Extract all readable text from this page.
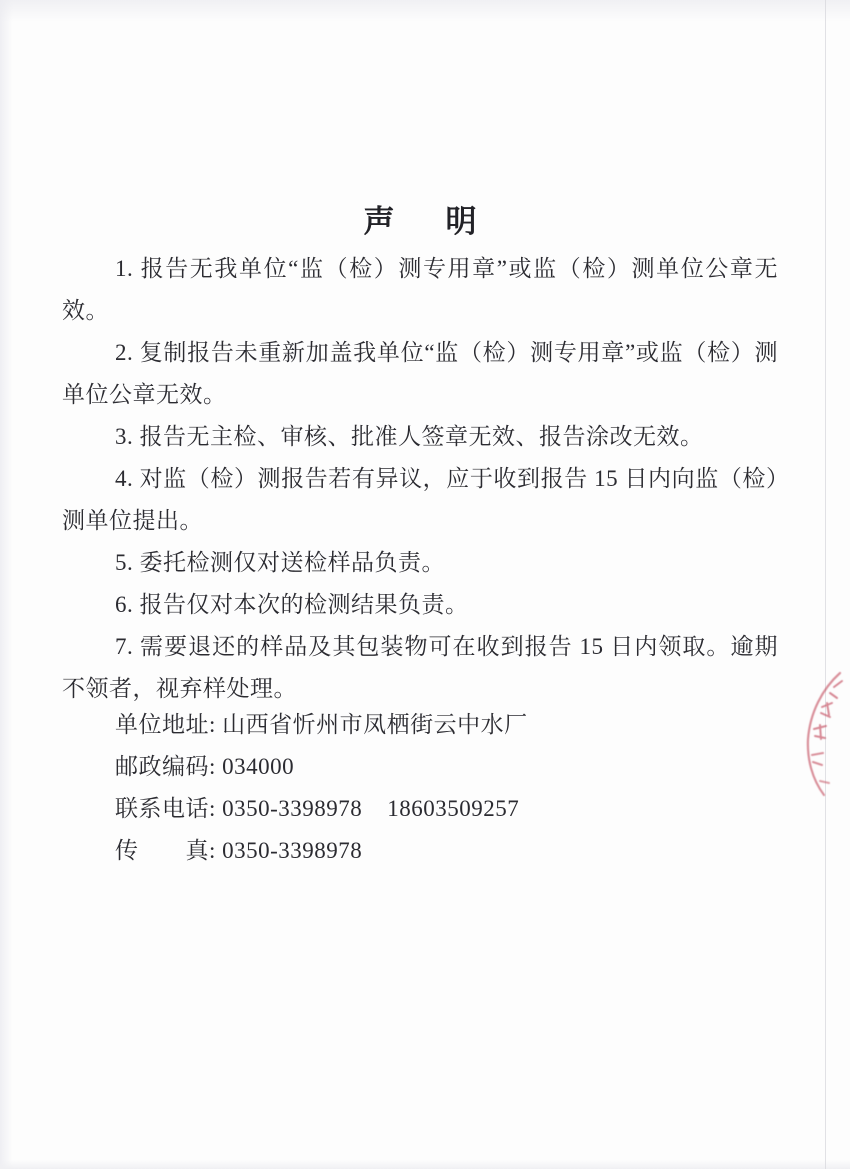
声　明

1. 报告无我单位“监（检）测专用章”或监（检）测单位公章无效。

2. 复制报告未重新加盖我单位“监（检）测专用章”或监（检）测单位公章无效。

3. 报告无主检、审核、批准人签章无效、报告涂改无效。

4. 对监（检）测报告若有异议，应于收到报告 15 日内向监（检）测单位提出。

5. 委托检测仅对送检样品负责。

6. 报告仅对本次的检测结果负责。

7. 需要退还的样品及其包装物可在收到报告 15 日内领取。逾期不领者，视弃样处理。

单位地址: 山西省忻州市凤栖街云中水厂
邮政编码: 034000
联系电话: 0350-3398978    18603509257
传　　真: 0350-3398978
